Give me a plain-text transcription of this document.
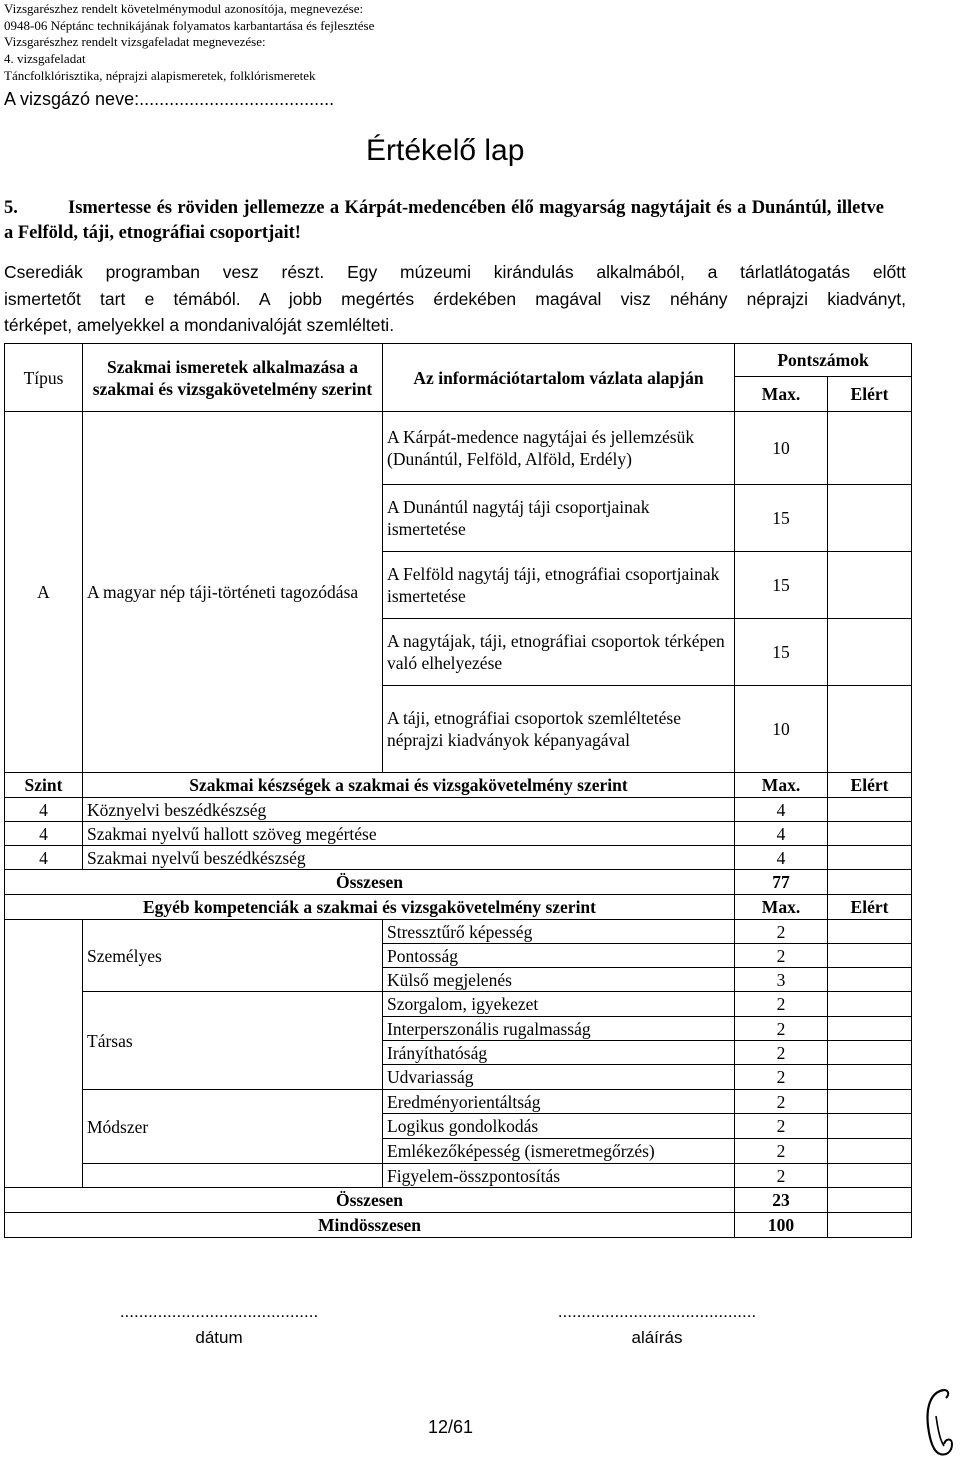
Vizsgarészhez rendelt követelménymodul azonosítója, megnevezése:
0948-06 Néptánc technikájának folyamatos karbantartása és fejlesztése
Vizsgarészhez rendelt vizsgafeladat megnevezése:
4. vizsgafeladat
Táncfolklórisztika, néprajzi alapismeretek, folklórismeretek
A vizsgázó neve:.......................................
Értékelő lap
5.	Ismertesse és röviden jellemezze a Kárpát-medencében élő magyarság nagytájait és a Dunántúl, illetve a Felföld, táji, etnográfiai csoportjait!

Cserediák programban vesz részt. Egy múzeumi kirándulás alkalmából, a tárlatlátogatás előtt

ismertetőt tart e témából. A jobb megértés érdekében magával visz néhány néprajzi kiadványt,

térképet, amelyekkel a mondanivalóját szemlélteti.

Típus	Szakmai ismeretek alkalmazása a szakmai és vizsgakövetelmény szerint	Az információtartalom vázlata alapján	Pontszámok	
			Max.	Elért
A	A magyar nép táji-történeti tagozódása	A Kárpát-medence nagytájai és jellemzésük (Dunántúl, Felföld, Alföld, Erdély)	10	
		A Dunántúl nagytáj táji csoportjainak ismertetése	15	
		A Felföld nagytáj táji, etnográfiai csoportjainak ismertetése	15	
		A nagytájak, táji, etnográfiai csoportok térképen való elhelyezése	15	
		A táji, etnográfiai csoportok szemléltetése néprajzi kiadványok képanyagával	10	
Szint	Szakmai készségek a szakmai és vizsgakövetelmény szerint		Max.	Elért
4	Köznyelvi beszédkészség		4	
4	Szakmai nyelvű hallott szöveg megértése		4	
4	Szakmai nyelvű beszédkészség		4	
Összesen			77	
Egyéb kompetenciák a szakmai és vizsgakövetelmény szerint			Max.	Elért
	Személyes	Stressztűrő képesség	2	
		Pontosság	2	
		Külső megjelenés	3	
	Társas	Szorgalom, igyekezet	2	
		Interperszonális rugalmasság	2	
		Irányíthatóság	2	
		Udvariasság	2	
	Módszer	Eredményorientáltság	2	
		Logikus gondolkodás	2	
		Emlékezőképesség (ismeretmegőrzés)	2	
		Figyelem-összpontosítás	2	
Összesen			23	
Mindösszesen			100	
..........................................
dátum
..........................................
aláírás
12/61
